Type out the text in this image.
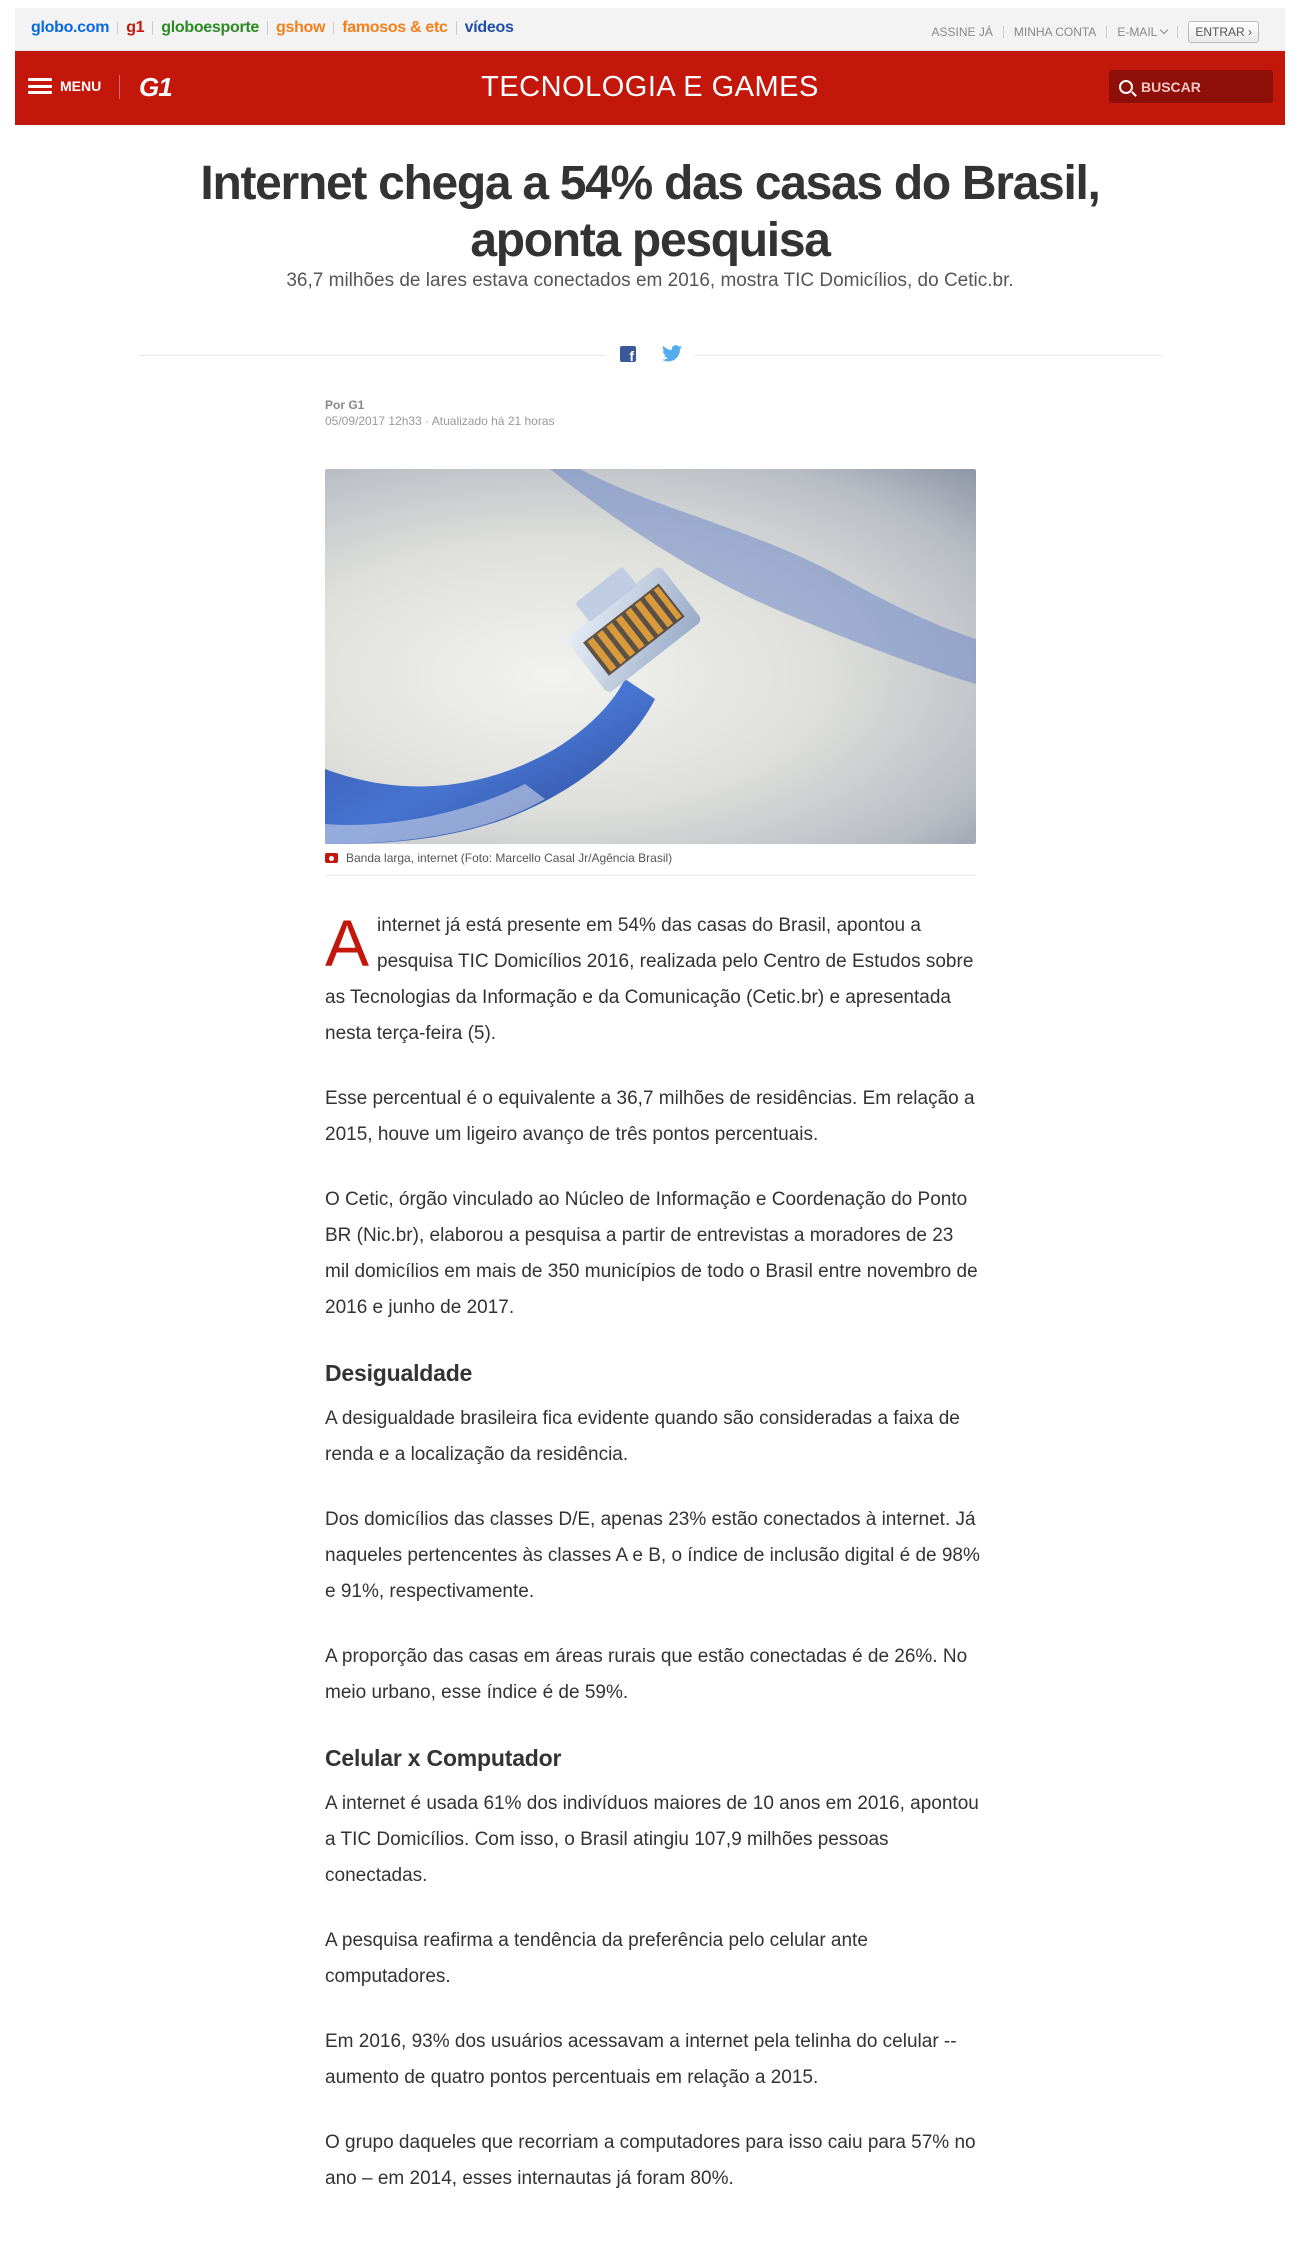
globo.com g1 globoesporte gshow famosos & etc vídeos	ASSINE JÁ MINHA CONTA E-MAIL	ENTRAR ›
MENU G1	TECNOLOGIA E GAMES
BUSCAR
Internet chega a 54% das casas do Brasil, aponta pesquisa
36,7 milhões de lares estava conectados em 2016, mostra TIC Domicílios, do Cetic.br.
f
Por G1
05/09/2017 12h33 · Atualizado há 21 horas
Banda larga, internet (Foto: Marcello Casal Jr/Agência Brasil)

Ainternet já está presente em 54% das casas do Brasil, apontou a pesquisa TIC Domicílios 2016, realizada pelo Centro de Estudos sobre as Tecnologias da Informação e da Comunicação (Cetic.br) e apresentada nesta terça-feira (5).

Esse percentual é o equivalente a 36,7 milhões de residências. Em relação a 2015, houve um ligeiro avanço de três pontos percentuais.

O Cetic, órgão vinculado ao Núcleo de Informação e Coordenação do Ponto BR (Nic.br), elaborou a pesquisa a partir de entrevistas a moradores de 23 mil domicílios em mais de 350 municípios de todo o Brasil entre novembro de 2016 e junho de 2017.

Desigualdade

A desigualdade brasileira fica evidente quando são consideradas a faixa de renda e a localização da residência.

Dos domicílios das classes D/E, apenas 23% estão conectados à internet. Já naqueles pertencentes às classes A e B, o índice de inclusão digital é de 98% e 91%, respectivamente.

A proporção das casas em áreas rurais que estão conectadas é de 26%. No meio urbano, esse índice é de 59%.

Celular x Computador

A internet é usada 61% dos indivíduos maiores de 10 anos em 2016, apontou a TIC Domicílios. Com isso, o Brasil atingiu 107,9 milhões pessoas conectadas.

A pesquisa reafirma a tendência da preferência pelo celular ante computadores.

Em 2016, 93% dos usuários acessavam a internet pela telinha do celular -- aumento de quatro pontos percentuais em relação a 2015.

O grupo daqueles que recorriam a computadores para isso caiu para 57% no ano – em 2014, esses internautas já foram 80%.
